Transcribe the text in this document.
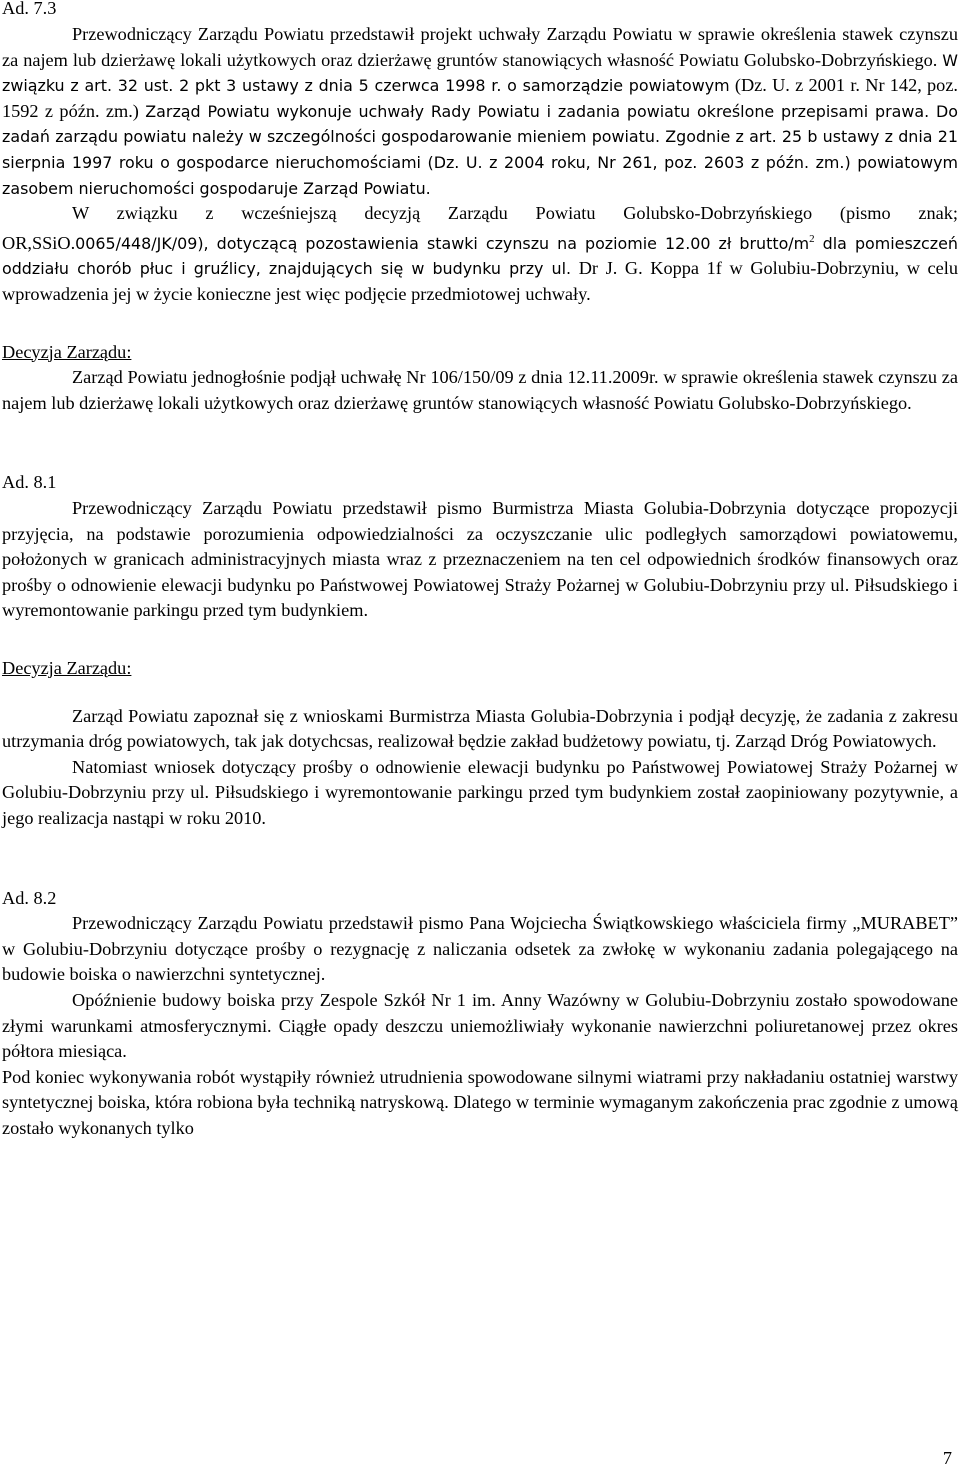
Ad. 7.3

Przewodniczący Zarządu Powiatu przedstawił projekt uchwały Zarządu Powiatu w sprawie określenia stawek czynszu za najem lub dzierżawę lokali użytkowych oraz dzierżawę gruntów stanowiących własność Powiatu Golubsko-Dobrzyńskiego. W związku z art. 32 ust. 2 pkt 3 ustawy z dnia 5 czerwca 1998 r. o samorządzie powiatowym (Dz. U. z 2001 r. Nr 142, poz. 1592 z późn. zm.) Zarząd Powiatu wykonuje uchwały Rady Powiatu i zadania powiatu określone przepisami prawa. Do zadań zarządu powiatu należy w szczególności gospodarowanie mieniem powiatu. Zgodnie z art. 25 b ustawy z dnia 21 sierpnia 1997 roku o gospodarce nieruchomościami (Dz. U. z 2004 roku, Nr 261, poz. 2603 z późn. zm.) powiatowym zasobem nieruchomości gospodaruje Zarząd Powiatu.

W związku z wcześniejszą decyzją Zarządu Powiatu Golubsko-Dobrzyńskiego (pismo znak; OR,SSiO.0065/448/JK/09), dotyczącą pozostawienia stawki czynszu na poziomie 12.00 zł brutto/$m^2$ dla pomieszczeń oddziału chorób płuc i gruźlicy, znajdujących się w budynku przy ul. Dr J. G. Koppa 1f w Golubiu-Dobrzyniu, w celu wprowadzenia jej w życie konieczne jest więc podjęcie przedmiotowej uchwały.

Decyzja Zarządu:

Zarząd Powiatu jednogłośnie podjął uchwałę Nr 106/150/09 z dnia 12.11.2009r. w sprawie określenia stawek czynszu za najem lub dzierżawę lokali użytkowych oraz dzierżawę gruntów stanowiących własność Powiatu Golubsko-Dobrzyńskiego.

Ad. 8.1

Przewodniczący Zarządu Powiatu przedstawił pismo Burmistrza Miasta Golubia-Dobrzynia dotyczące propozycji przyjęcia, na podstawie porozumienia odpowiedzialności za oczyszczanie ulic podległych samorządowi powiatowemu, położonych w granicach administracyjnych miasta wraz z przeznaczeniem na ten cel odpowiednich środków finansowych oraz prośby o odnowienie elewacji budynku po Państwowej Powiatowej Straży Pożarnej w Golubiu-Dobrzyniu przy ul. Piłsudskiego i wyremontowanie parkingu przed tym budynkiem.

Decyzja Zarządu:

Zarząd Powiatu zapoznał się z wnioskami Burmistrza Miasta Golubia-Dobrzynia i podjął decyzję, że zadania z zakresu utrzymania dróg powiatowych, tak jak dotychcsas, realizował będzie zakład budżetowy powiatu, tj. Zarząd Dróg Powiatowych.

Natomiast wniosek dotyczący prośby o odnowienie elewacji budynku po Państwowej Powiatowej Straży Pożarnej w Golubiu-Dobrzyniu przy ul. Piłsudskiego i wyremontowanie parkingu przed tym budynkiem został zaopiniowany pozytywnie, a jego realizacja nastąpi w roku 2010.

Ad. 8.2

Przewodniczący Zarządu Powiatu przedstawił pismo Pana Wojciecha Świątkowskiego właściciela firmy „MURABET” w Golubiu-Dobrzyniu dotyczące prośby o rezygnację z naliczania odsetek za zwłokę w wykonaniu zadania polegającego na budowie boiska o nawierzchni syntetycznej.

Opóźnienie budowy boiska przy Zespole Szkół Nr 1 im. Anny Wazówny w Golubiu-Dobrzyniu zostało spowodowane złymi warunkami atmosferycznymi. Ciągłe opady deszczu uniemożliwiały wykonanie nawierzchni poliuretanowej przez okres półtora miesiąca.

Pod koniec wykonywania robót wystąpiły również utrudnienia spowodowane silnymi wiatrami przy nakładaniu ostatniej warstwy syntetycznej boiska, która robiona była techniką natryskową. Dlatego w terminie wymaganym zakończenia prac zgodnie z umową zostało wykonanych tylko

7
